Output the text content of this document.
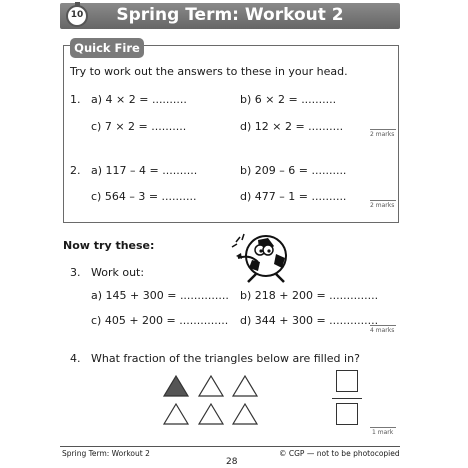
Spring Term: Workout 2
10
Quick Fire
Try to work out the answers to these in your head.
1. a) 4 × 2 = ..........	b) 6 × 2 = ..........
c) 7 × 2 = ..........	d) 12 × 2 = ..........
2 marks
2. a) 117 – 4 = ..........	b) 209 – 6 = ..........
c) 564 – 3 = ..........	d) 477 – 1 = ..........
2 marks
Now try these:
3. Work out:
a) 145 + 300 = .............. b) 218 + 200 = ..............
c) 405 + 200 = .............. d) 344 + 300 = ..............
4 marks
4. What fraction of the triangles below are filled in?
1 mark
Spring Term: Workout 2
28
© CGP — not to be photocopied
